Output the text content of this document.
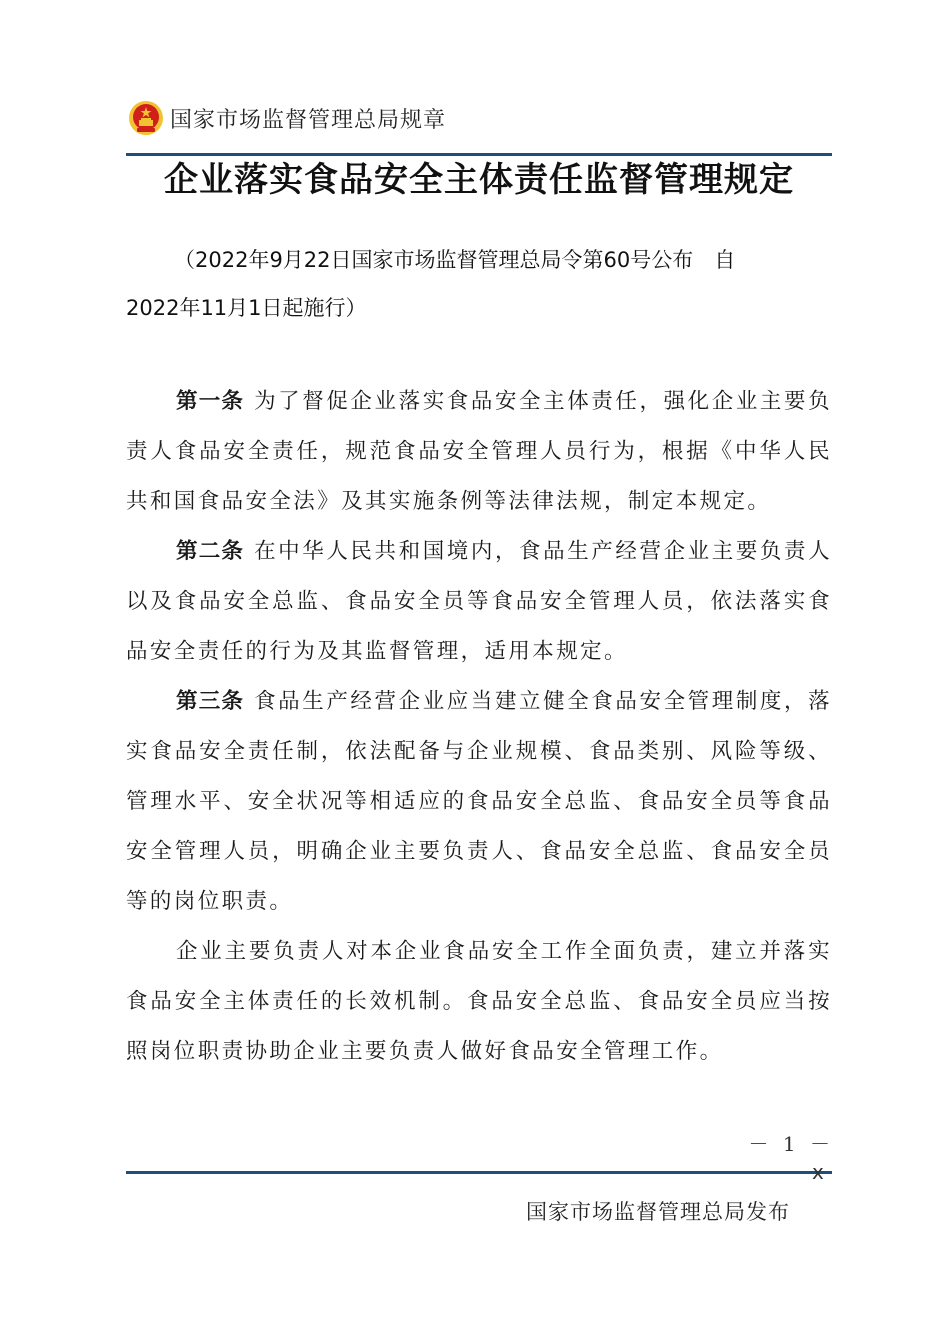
国家市场监督管理总局规章
企业落实食品安全主体责任监督管理规定
（2022年9月22日国家市场监督管理总局令第60号公布　自
2022年11月1日起施行）

第一条 为了督促企业落实食品安全主体责任，强化企业主要负责人食品安全责任，规范食品安全管理人员行为，根据《中华人民共和国食品安全法》及其实施条例等法律法规，制定本规定。

第二条 在中华人民共和国境内，食品生产经营企业主要负责人以及食品安全总监、食品安全员等食品安全管理人员，依法落实食品安全责任的行为及其监督管理，适用本规定。

第三条 食品生产经营企业应当建立健全食品安全管理制度，落实食品安全责任制，依法配备与企业规模、食品类别、风险等级、管理水平、安全状况等相适应的食品安全总监、食品安全员等食品安全管理人员，明确企业主要负责人、食品安全总监、食品安全员等的岗位职责。

企业主要负责人对本企业食品安全工作全面负责，建立并落实食品安全主体责任的长效机制。食品安全总监、食品安全员应当按照岗位职责协助企业主要负责人做好食品安全管理工作。

－ 1 －
x
国家市场监督管理总局发布
